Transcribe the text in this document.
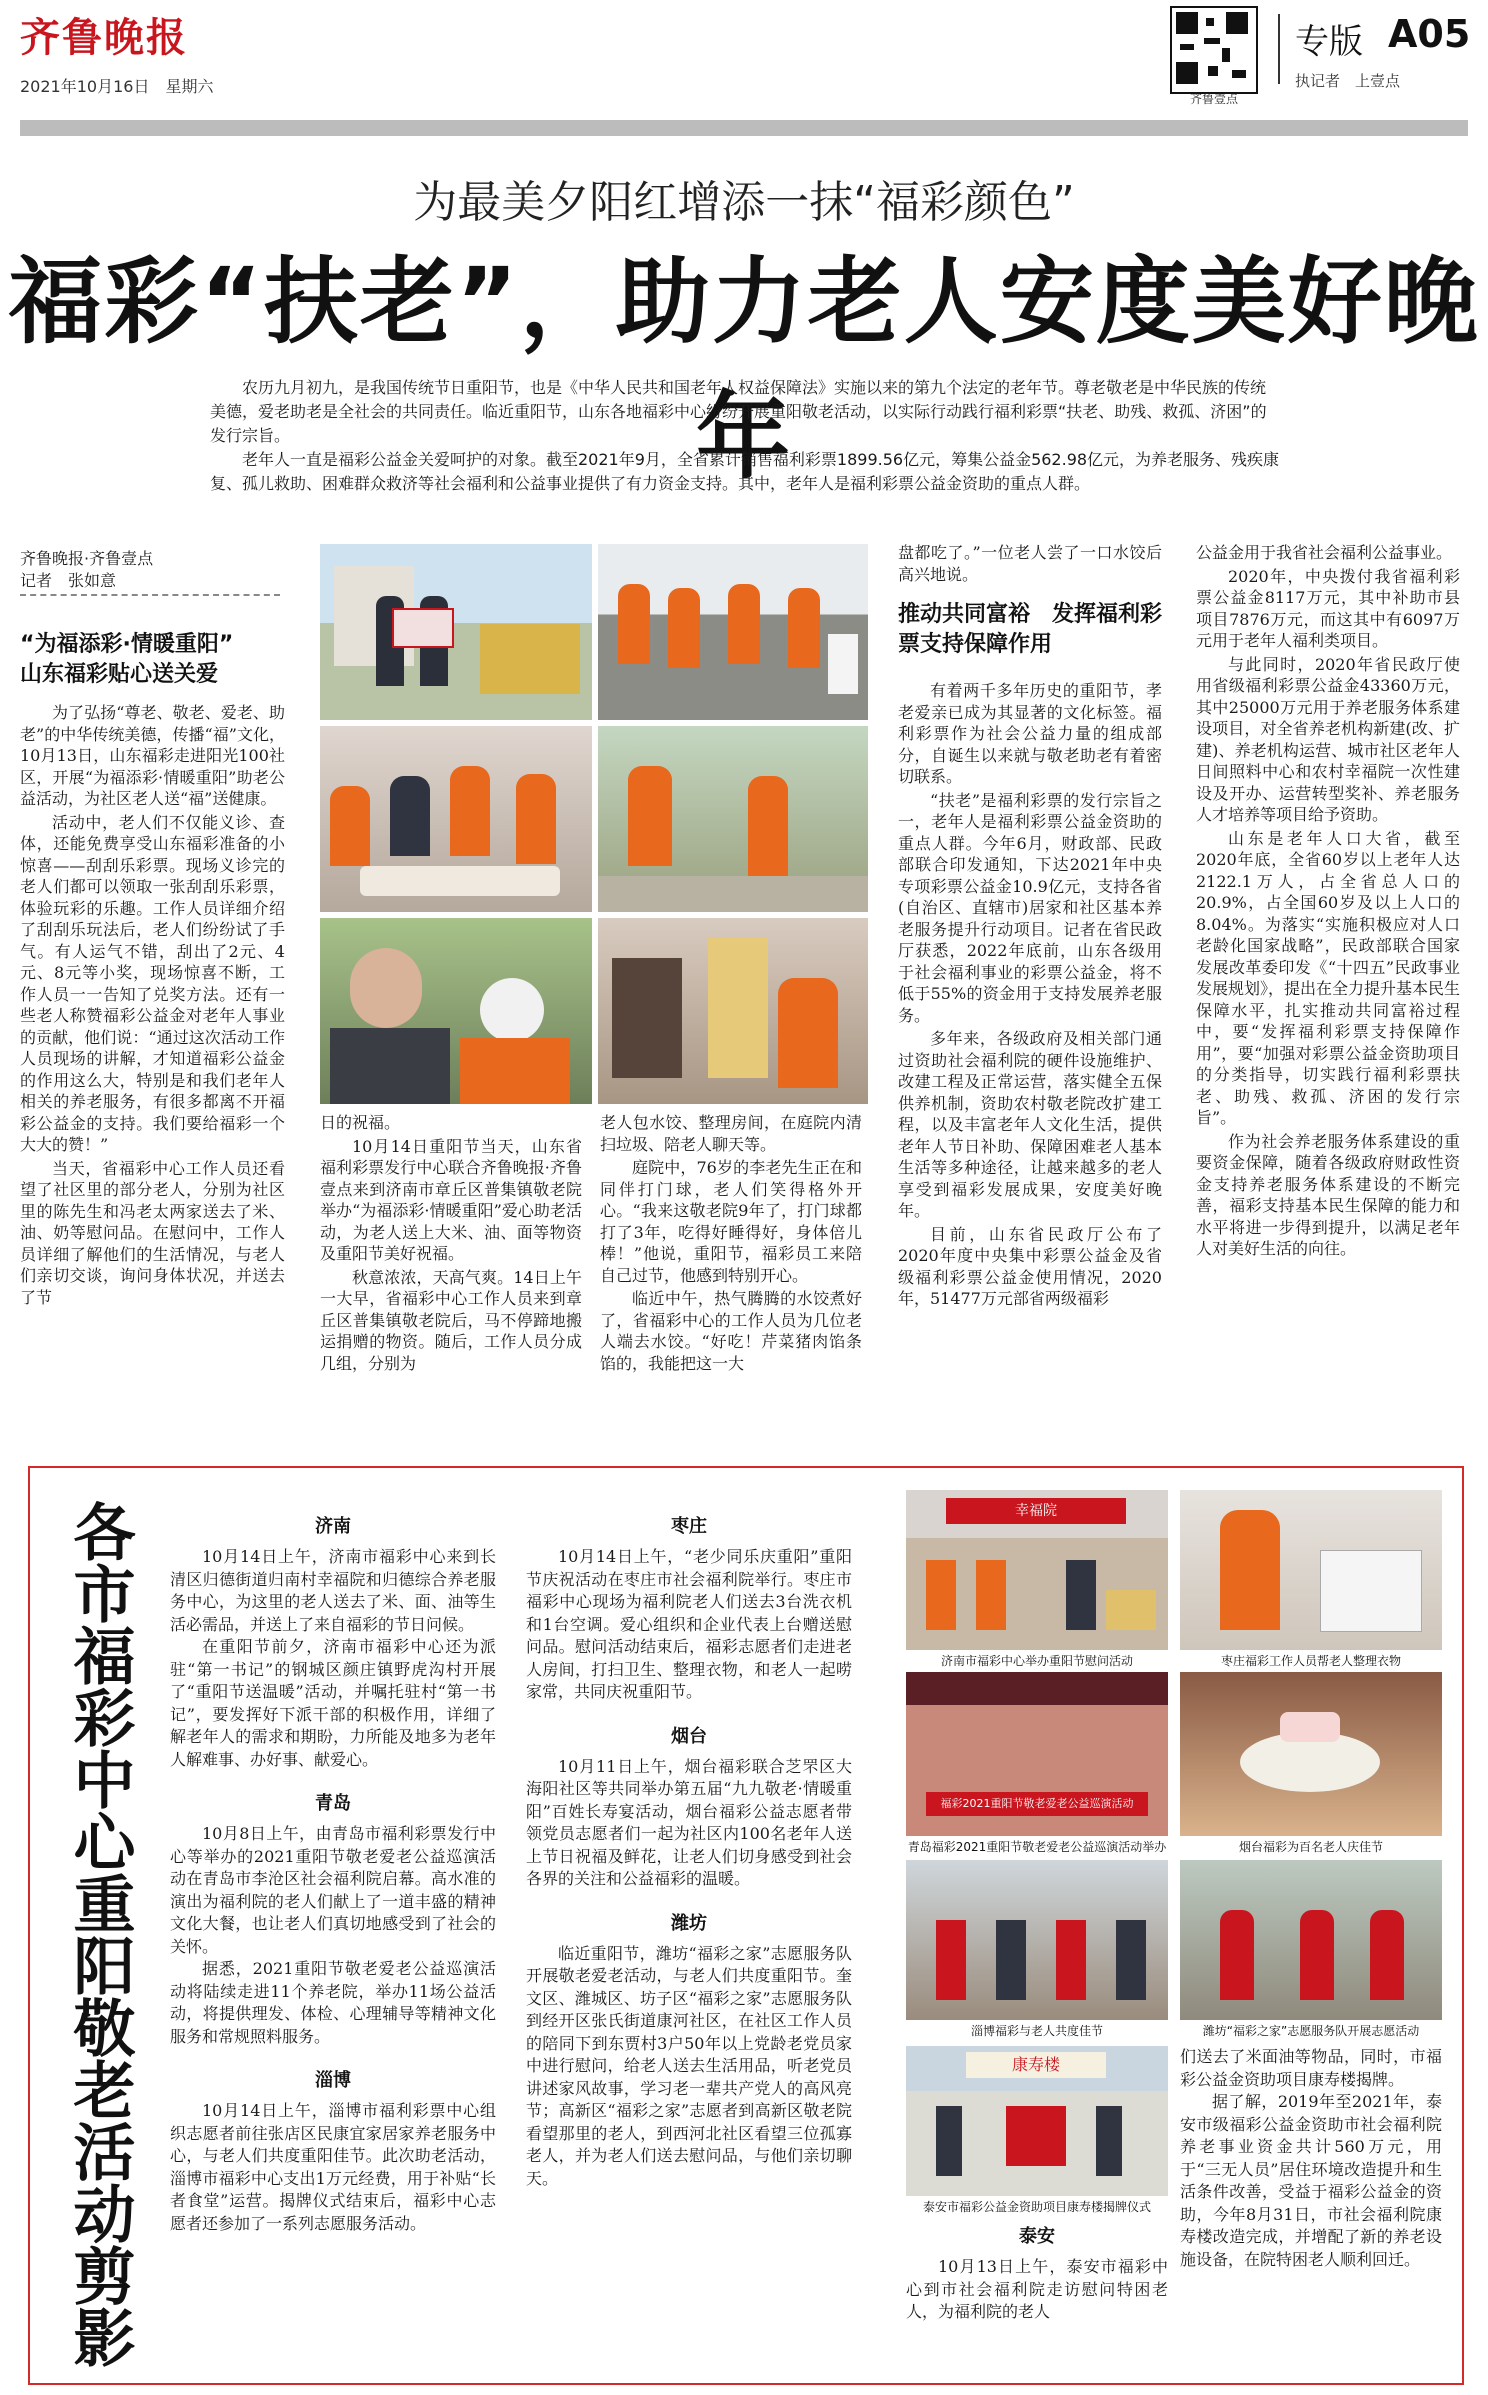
齐鲁晚报
2021年10月16日　星期六
齐鲁壹点
专版 A05
执记者　上壹点
为最美夕阳红增添一抹“福彩颜色”
福彩“扶老”，助力老人安度美好晚年
农历九月初九，是我国传统节日重阳节，也是《中华人民共和国老年人权益保障法》实施以来的第九个法定的老年节。尊老敬老是中华民族的传统美德，爱老助老是全社会的共同责任。临近重阳节，山东各地福彩中心纷纷开展重阳敬老活动，以实际行动践行福利彩票“扶老、助残、救孤、济困”的发行宗旨。
老年人一直是福彩公益金关爱呵护的对象。截至2021年9月，全省累计销售福利彩票1899.56亿元，筹集公益金562.98亿元，为养老服务、残疾康复、孤儿救助、困难群众救济等社会福利和公益事业提供了有力资金支持。其中，老年人是福利彩票公益金资助的重点人群。
齐鲁晚报·齐鲁壹点
记者　张如意
“为福添彩·情暖重阳”
山东福彩贴心送关爱

为了弘扬“尊老、敬老、爱老、助老”的中华传统美德，传播“福”文化，10月13日，山东福彩走进阳光100社区，开展“为福添彩·情暖重阳”助老公益活动，为社区老人送“福”送健康。

活动中，老人们不仅能义诊、查体，还能免费享受山东福彩准备的小惊喜——刮刮乐彩票。现场义诊完的老人们都可以领取一张刮刮乐彩票，体验玩彩的乐趣。工作人员详细介绍了刮刮乐玩法后，老人们纷纷试了手气。有人运气不错，刮出了2元、4元、8元等小奖，现场惊喜不断，工作人员一一告知了兑奖方法。还有一些老人称赞福彩公益金对老年人事业的贡献，他们说：“通过这次活动工作人员现场的讲解，才知道福彩公益金的作用这么大，特别是和我们老年人相关的养老服务，有很多都离不开福彩公益金的支持。我们要给福彩一个大大的赞！”

当天，省福彩中心工作人员还看望了社区里的部分老人，分别为社区里的陈先生和冯老太两家送去了米、油、奶等慰问品。在慰问中，工作人员详细了解他们的生活情况，与老人们亲切交谈，询问身体状况，并送去了节

日的祝福。

10月14日重阳节当天，山东省福利彩票发行中心联合齐鲁晚报·齐鲁壹点来到济南市章丘区普集镇敬老院举办“为福添彩·情暖重阳”爱心助老活动，为老人送上大米、油、面等物资及重阳节美好祝福。

秋意浓浓，天高气爽。14日上午一大早，省福彩中心工作人员来到章丘区普集镇敬老院后，马不停蹄地搬运捐赠的物资。随后，工作人员分成几组，分别为

老人包水饺、整理房间，在庭院内清扫垃圾、陪老人聊天等。

庭院中，76岁的李老先生正在和同伴打门球，老人们笑得格外开心。“我来这敬老院9年了，打门球都打了3年，吃得好睡得好，身体倍儿棒！”他说，重阳节，福彩员工来陪自己过节，他感到特别开心。

临近中午，热气腾腾的水饺煮好了，省福彩中心的工作人员为几位老人端去水饺。“好吃！芹菜猪肉馅条馅的，我能把这一大

盘都吃了。”一位老人尝了一口水饺后高兴地说。

推动共同富裕　发挥福利彩票支持保障作用

有着两千多年历史的重阳节，孝老爱亲已成为其显著的文化标签。福利彩票作为社会公益力量的组成部分，自诞生以来就与敬老助老有着密切联系。

“扶老”是福利彩票的发行宗旨之一，老年人是福利彩票公益金资助的重点人群。今年6月，财政部、民政部联合印发通知，下达2021年中央专项彩票公益金10.9亿元，支持各省(自治区、直辖市)居家和社区基本养老服务提升行动项目。记者在省民政厅获悉，2022年底前，山东各级用于社会福利事业的彩票公益金，将不低于55%的资金用于支持发展养老服务。

多年来，各级政府及相关部门通过资助社会福利院的硬件设施维护、改建工程及正常运营，落实健全五保供养机制，资助农村敬老院改扩建工程，以及丰富老年人文化生活，提供老年人节日补助、保障困难老人基本生活等多种途径，让越来越多的老人享受到福彩发展成果，安度美好晚年。

目前，山东省民政厅公布了2020年度中央集中彩票公益金及省级福利彩票公益金使用情况，2020年，51477万元部省两级福彩

公益金用于我省社会福利公益事业。

2020年，中央拨付我省福利彩票公益金8117万元，其中补助市县项目7876万元，而这其中有6097万元用于老年人福利类项目。

与此同时，2020年省民政厅使用省级福利彩票公益金43360万元，其中25000万元用于养老服务体系建设项目，对全省养老机构新建(改、扩建)、养老机构运营、城市社区老年人日间照料中心和农村幸福院一次性建设及开办、运营转型奖补、养老服务人才培养等项目给予资助。

山东是老年人口大省，截至2020年底，全省60岁以上老年人达2122.1万人，占全省总人口的20.9%，占全国60岁及以上人口的8.04%。为落实“实施积极应对人口老龄化国家战略”，民政部联合国家发展改革委印发《“十四五”民政事业发展规划》，提出在全力提升基本民生保障水平，扎实推动共同富裕过程中，要“发挥福利彩票支持保障作用”，要“加强对彩票公益金资助项目的分类指导，切实践行福利彩票扶老、助残、救孤、济困的发行宗旨”。

作为社会养老服务体系建设的重要资金保障，随着各级政府财政性资金支持养老服务体系建设的不断完善，福彩支持基本民生保障的能力和水平将进一步得到提升，以满足老年人对美好生活的向往。

各市福彩中心重阳敬老活动剪影	济南

10月14日上午，济南市福彩中心来到长清区归德街道归南村幸福院和归德综合养老服务中心，为这里的老人送去了米、面、油等生活必需品，并送上了来自福彩的节日问候。

在重阳节前夕，济南市福彩中心还为派驻“第一书记”的钢城区颜庄镇野虎沟村开展了“重阳节送温暖”活动，并嘱托驻村“第一书记”，要发挥好下派干部的积极作用，详细了解老年人的需求和期盼，力所能及地多为老年人解难事、办好事、献爱心。

青岛

10月8日上午，由青岛市福利彩票发行中心等举办的2021重阳节敬老爱老公益巡演活动在青岛市李沧区社会福利院启幕。高水准的演出为福利院的老人们献上了一道丰盛的精神文化大餐，也让老人们真切地感受到了社会的关怀。

据悉，2021重阳节敬老爱老公益巡演活动将陆续走进11个养老院，举办11场公益活动，将提供理发、体检、心理辅导等精神文化服务和常规照料服务。

淄博

10月14日上午，淄博市福利彩票中心组织志愿者前往张店区民康宜家居家养老服务中心，与老人们共度重阳佳节。此次助老活动，淄博市福彩中心支出1万元经费，用于补贴“长者食堂”运营。揭牌仪式结束后，福彩中心志愿者还参加了一系列志愿服务活动。

枣庄

10月14日上午，“老少同乐庆重阳”重阳节庆祝活动在枣庄市社会福利院举行。枣庄市福彩中心现场为福利院老人们送去3台洗衣机和1台空调。爱心组织和企业代表上台赠送慰问品。慰问活动结束后，福彩志愿者们走进老人房间，打扫卫生、整理衣物，和老人一起唠家常，共同庆祝重阳节。

烟台

10月11日上午，烟台福彩联合芝罘区大海阳社区等共同举办第五届“九九敬老·情暖重阳”百姓长寿宴活动，烟台福彩公益志愿者带领党员志愿者们一起为社区内100名老年人送上节日祝福及鲜花，让老人们切身感受到社会各界的关注和公益福彩的温暖。

潍坊

临近重阳节，潍坊“福彩之家”志愿服务队开展敬老爱老活动，与老人们共度重阳节。奎文区、潍城区、坊子区“福彩之家”志愿服务队到经开区张氏街道康河社区，在社区工作人员的陪同下到东贾村3户50年以上党龄老党员家中进行慰问，给老人送去生活用品，听老党员讲述家风故事，学习老一辈共产党人的高风亮节；高新区“福彩之家”志愿者到高新区敬老院看望那里的老人，到西河北社区看望三位孤寡老人，并为老人们送去慰问品，与他们亲切聊天。

幸福院
济南市福彩中心举办重阳节慰问活动	枣庄福彩工作人员帮老人整理衣物
福彩2021重阳节敬老爱老公益巡演活动
青岛福彩2021重阳节敬老爱老公益巡演活动举办	烟台福彩为百名老人庆佳节
淄博福彩与老人共度佳节	潍坊“福彩之家”志愿服务队开展志愿活动
康寿楼
泰安市福彩公益金资助项目康寿楼揭牌仪式
泰安

10月13日上午，泰安市福彩中心到市社会福利院走访慰问特困老人，为福利院的老人

们送去了米面油等物品，同时，市福彩公益金资助项目康寿楼揭牌。

据了解，2019年至2021年，泰安市级福彩公益金资助市社会福利院养老事业资金共计560万元，用于“三无人员”居住环境改造提升和生活条件改善，受益于福彩公益金的资助，今年8月31日，市社会福利院康寿楼改造完成，并增配了新的养老设施设备，在院特困老人顺利回迁。
